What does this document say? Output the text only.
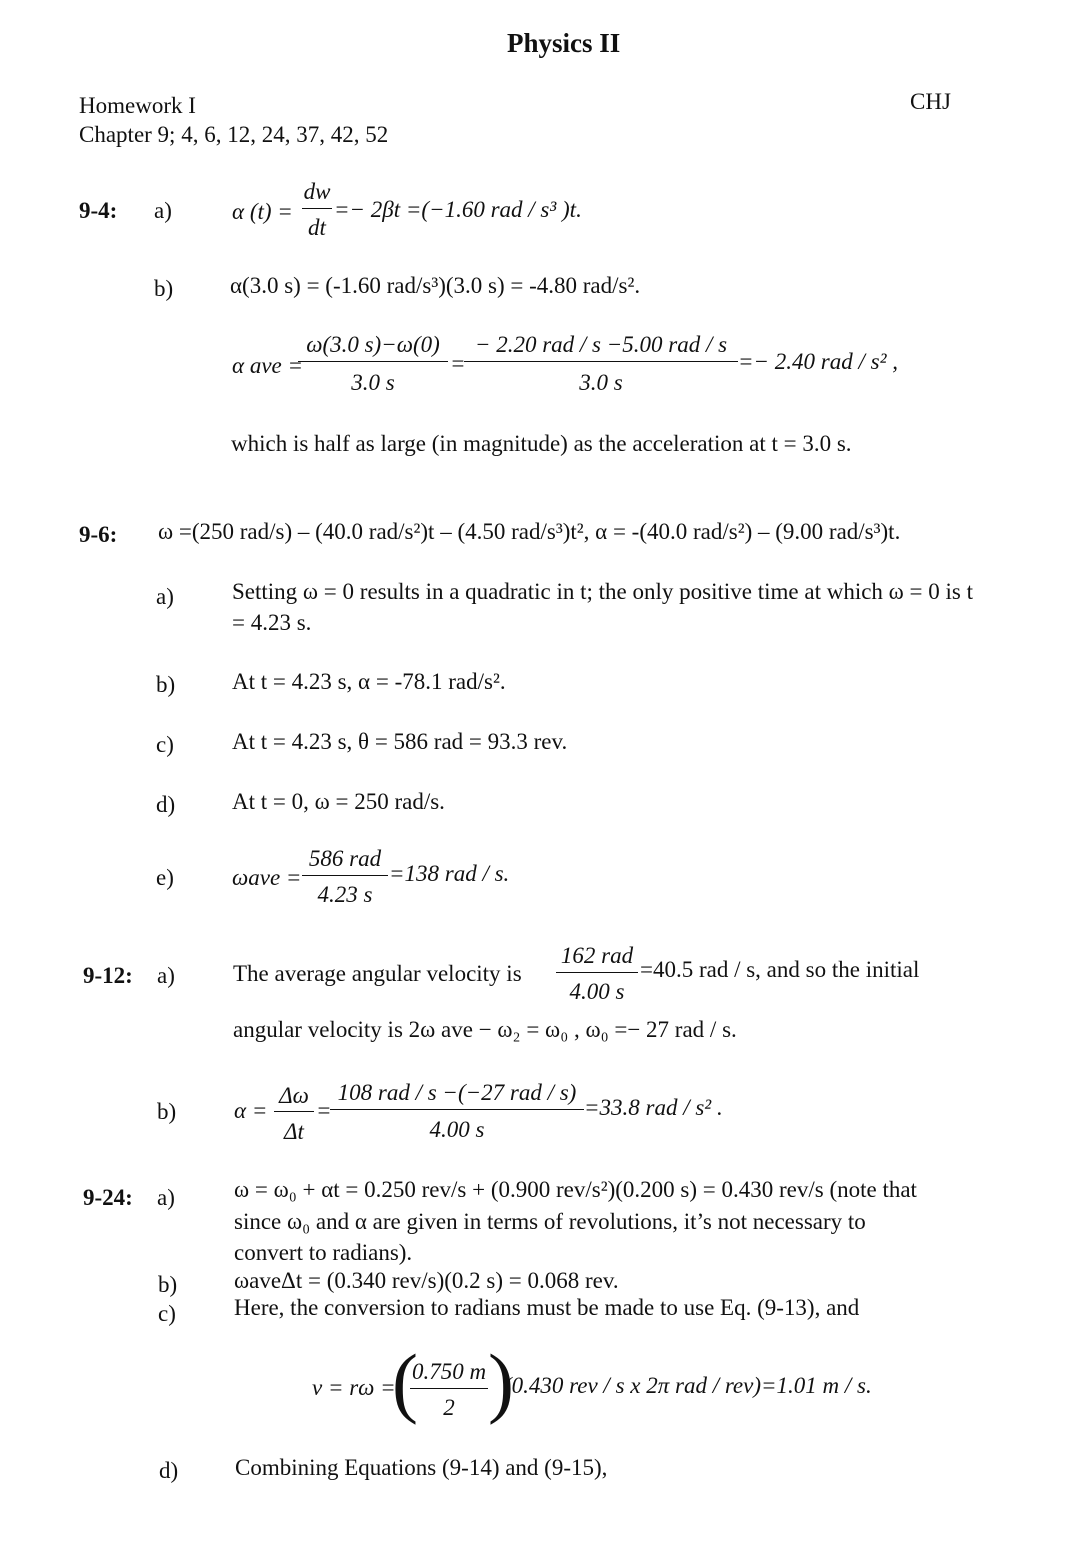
Physics II
Homework I	CHJ
Chapter 9; 4, 6, 12, 24, 37, 42, 52
9-4: a)	α (t) =
dw
dt
=− 2βt =(−1.60 rad / s³ )t.
b) α(3.0 s) = (-1.60 rad/s³)(3.0 s) = -4.80 rad/s².
α ave =
ω(3.0 s)−ω(0)
3.0 s
=
− 2.20 rad / s −5.00 rad / s
3.0 s
=− 2.40 rad / s² ,
which is half as large (in magnitude) as the acceleration at t = 3.0 s.
9-6: ω =(250 rad/s) – (40.0 rad/s²)t – (4.50 rad/s³)t², α = -(40.0 rad/s²) – (9.00 rad/s³)t.
a)	Setting ω = 0 results in a quadratic in t; the only positive time at which ω = 0 is t
= 4.23 s.
b) At t = 4.23 s, α = -78.1 rad/s².
c)	At t = 4.23 s, θ = 586 rad = 93.3 rev.
d) At t = 0, ω = 250 rad/s.
e)	ωave =
586 rad
4.23 s
=138 rad / s.
9-12: a)	The average angular velocity is
162 rad
4.00 s
=40.5 rad / s, and so the initial
angular velocity is 2ω ave − ω₂ = ω₀ , ω₀ =− 27 rad / s.
b)	α =
Δω
Δt
=
108 rad / s −(−27 rad / s)
4.00 s
=33.8 rad / s² .
9-24: a)	ω = ω₀ + αt = 0.250 rev/s + (0.900 rev/s²)(0.200 s) = 0.430 rev/s (note that
since ω₀ and α are given in terms of revolutions, it’s not necessary to
convert to radians).
b) ωaveΔt = (0.340 rev/s)(0.2 s) = 0.068 rev.
c)	Here, the conversion to radians must be made to use Eq. (9-13), and
v = rω =
(
0.750 m
2 )
(0.430 rev / s x 2π rad / rev)=1.01 m / s.
d) Combining Equations (9-14) and (9-15),
